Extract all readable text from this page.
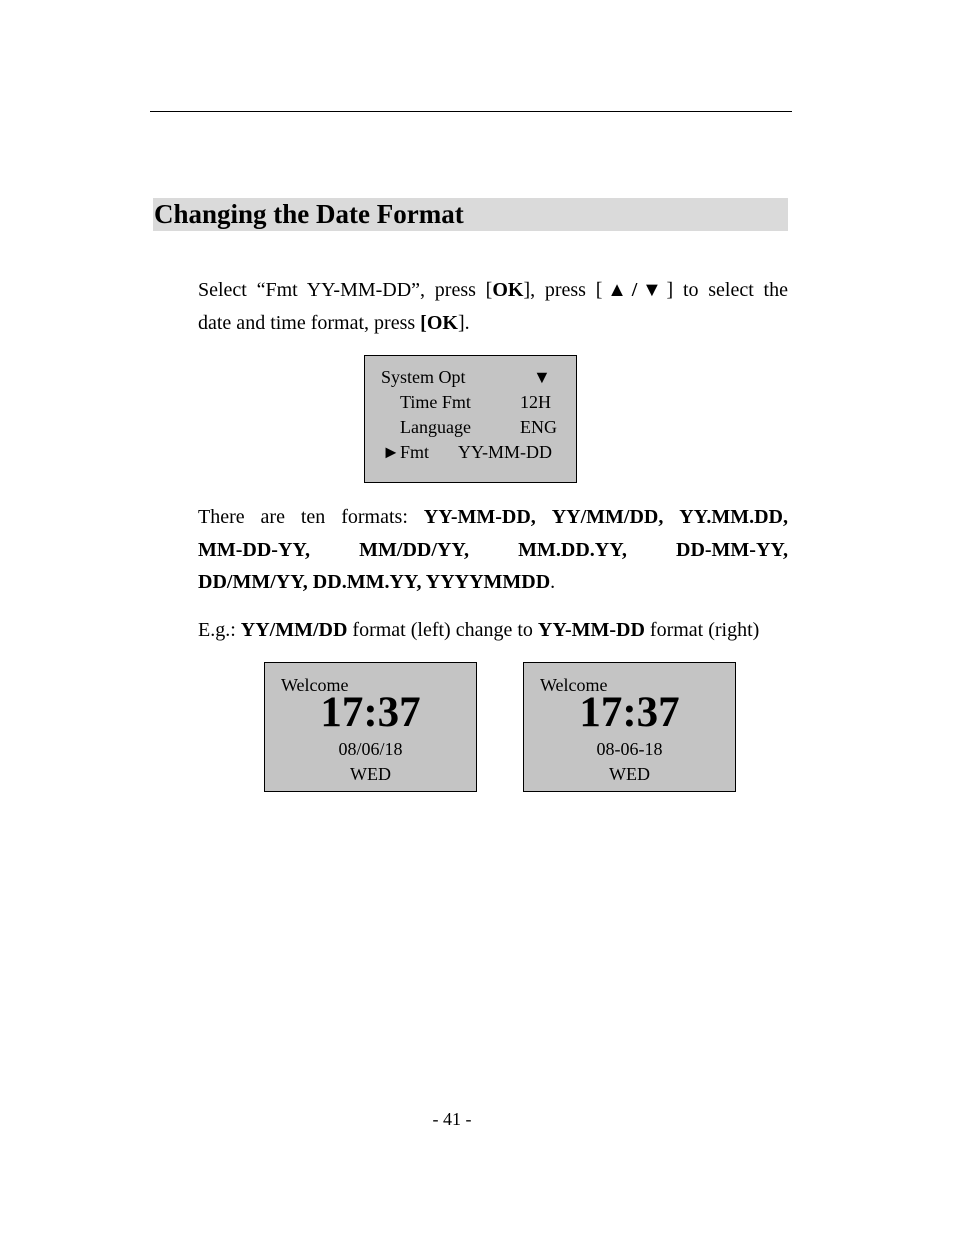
Changing the Date Format

Select “Fmt YY-MM-DD”, press [OK], press [▲/▼] to select the
date and time format, press [OK].

System Opt	▼
Time Fmt	12H
Language	ENG
► Fmt YY-MM-DD

There are ten formats: YY-MM-DD, YY/MM/DD, YY.MM.DD,
MM-DD-YY, MM/DD/YY, MM.DD.YY, DD-MM-YY,
DD/MM/YY, DD.MM.YY, YYYYMMDD.

E.g.: YY/MM/DD format (left) change to YY-MM-DD format (right)

Welcome
17:37
08/06/18
WED
Welcome
17:37
08-06-18
WED
- 41 -
